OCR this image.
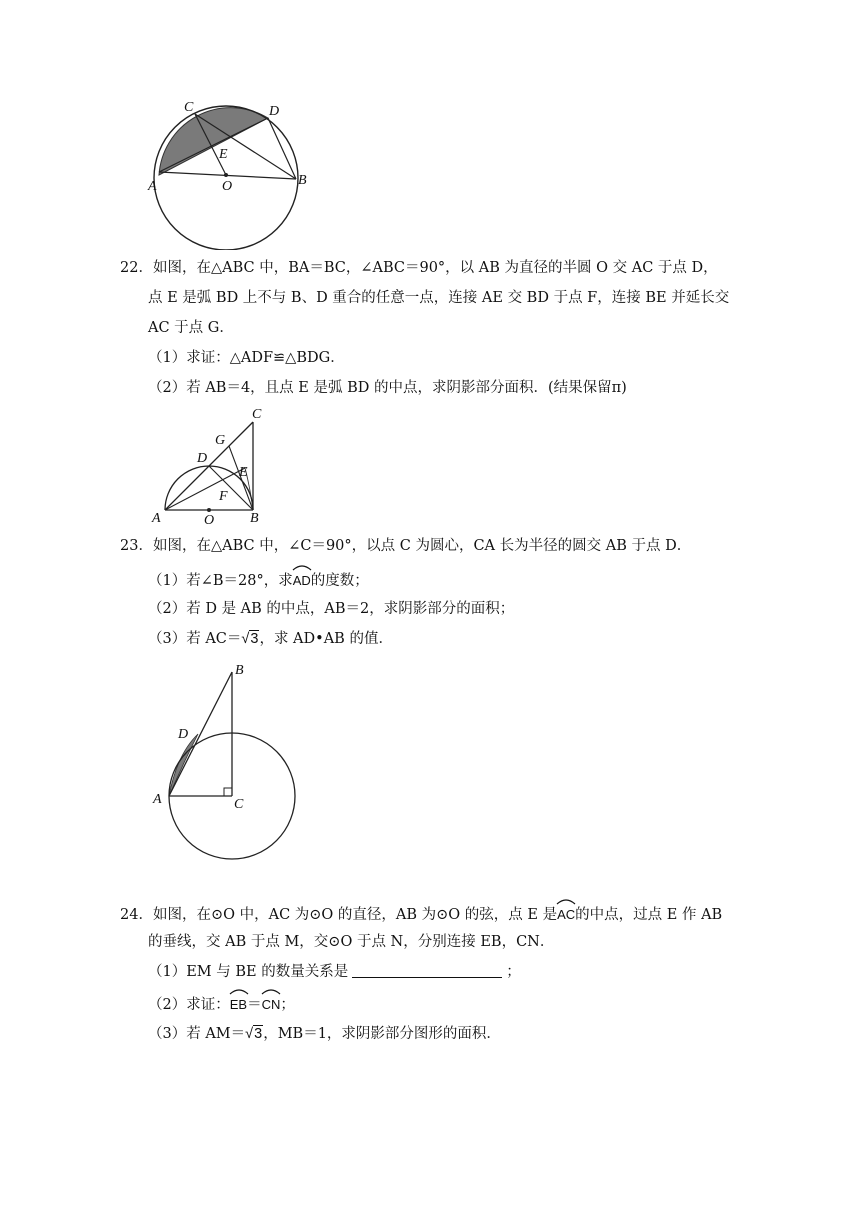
C	D
E
A	O	B
22．如图，在△ABC 中，BA＝BC，∠ABC＝90°，以 AB 为直径的半圆 O 交 AC 于点 D，
点 E 是弧 BD 上不与 B、D 重合的任意一点，连接 AE 交 BD 于点 F，连接 BE 并延长交
AC 于点 G．
（1）求证：△ADF≌△BDG．
（2）若 AB＝4，且点 E 是弧 BD 的中点，求阴影部分面积．(结果保留π)
C
G
D
E
F
A	O	B
23．如图，在△ABC 中，∠C＝90°，以点 C 为圆心，CA 长为半径的圆交 AB 于点 D．
（1）若∠B＝28°，求
AD的度数；
（2）若 D 是 AB 的中点，AB＝2，求阴影部分的面积；
（3）若 AC＝√3，求 AD•AB 的值．
B
D
A	C
24．如图，在⊙O 中，AC 为⊙O 的直径，AB 为⊙O 的弦，点 E 是
AC的中点，过点 E 作 AB
的垂线，交 AB 于点 M，交⊙O 于点 N，分别连接 EB，CN．
（1）EM 与 BE 的数量关系是	；
（2）求证：
EB＝
CN；
（3）若 AM＝√3，MB＝1，求阴影部分图形的面积．
